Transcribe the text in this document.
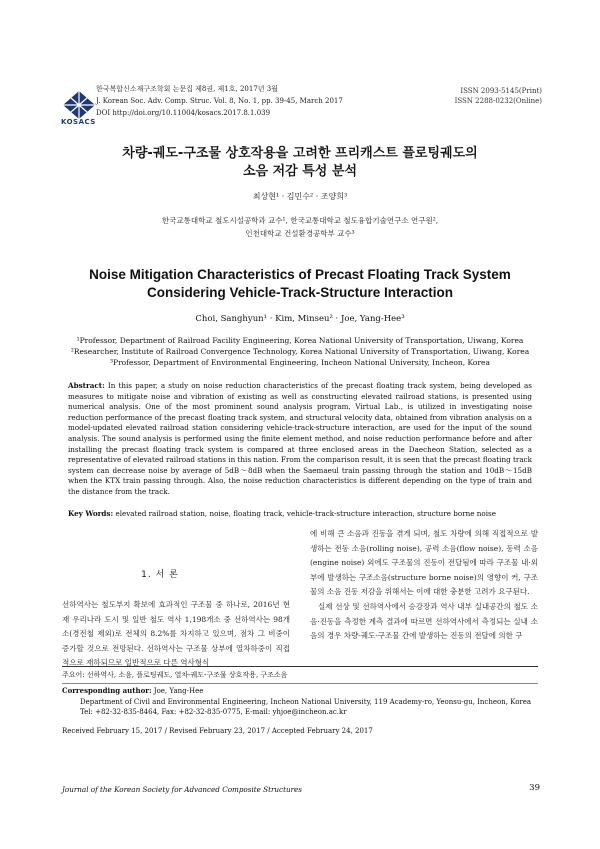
KOSACS
한국복합신소재구조학회 논문집 제8권, 제1호, 2017년 3월
J. Korean Soc. Adv. Comp. Struc. Vol. 8, No. 1, pp. 39-45, March 2017
DOI http://doi.org/10.11004/kosacs.2017.8.1.039
ISSN 2093-5145(Print)
ISSN 2288-0232(Online)
차량-궤도-구조물 상호작용을 고려한 프리캐스트 플로팅궤도의
소음 저감 특성 분석
최상현¹ · 김민수² · 조양희³
한국교통대학교 철도시설공학과 교수¹, 한국교통대학교 철도융합기술연구소 연구원²,
인천대학교 건설환경공학부 교수³
Noise Mitigation Characteristics of Precast Floating Track System
Considering Vehicle-Track-Structure Interaction
Choi, Sanghyun¹ · Kim, Minseu² · Joe, Yang-Hee³
¹Professor, Department of Railroad Facility Engineering, Korea National University of Transportation, Uiwang, Korea
²Researcher, Institute of Railroad Convergence Technology, Korea National University of Transportation, Uiwang, Korea
³Professor, Department of Environmental Engineering, Incheon National University, Incheon, Korea
Abstract: In this paper, a study on noise reduction characteristics of the precast floating track system, being developed as measures to mitigate noise and vibration of existing as well as constructing elevated railroad stations, is presented using numerical analysis. One of the most prominent sound analysis program, Virtual Lab., is utilized in investigating noise reduction performance of the precast floating track system, and structural velocity data, obtained from vibration analysis on a model-updated elevated railroad station considering vehicle-track-structure interaction, are used for the input of the sound analysis. The sound analysis is performed using the finite element method, and noise reduction performance before and after installing the precast floating track system is compared at three enclosed areas in the Daecheon Station, selected as a representative of elevated railroad stations in this nation. From the comparison result, it is seen that the precast floating track system can decrease noise by average of 5dB～8dB when the Saemaeul train passing through the station and 10dB～15dB when the KTX train passing through. Also, the noise reduction characteristics is different depending on the type of train and the distance from the track.
Key Words: elevated railroad station, noise, floating track, vehicle-track-structure interaction, structure borne noise
1. 서 론

선하역사는 철도부지 확보에 효과적인 구조물 중 하나로, 2016년 현재 우리나라 도시 및 일반 철도 역사 1,198개소 중 선하역사는 98개소(경전철 제외)로 전체의 8.2%를 차지하고 있으며, 점차 그 비중이 증가할 것으로 전망된다. 선하역사는 구조물 상부에 열차하중이 직접적으로 재하되므로 일반적으로 다른 역사형식

에 비해 큰 소음과 진동을 겪게 되며, 철도 차량에 의해 직접적으로 발생하는 전동 소음(rolling noise), 공력 소음(flow noise), 동력 소음(engine noise) 외에도 구조물의 진동이 전달됨에 따라 구조물 내·외부에 발생하는 구조소음(structure borne noise)의 영향이 커, 구조물의 소음 진동 저감을 위해서는 이에 대한 충분한 고려가 요구된다.

실제 선상 및 선하역사에서 승강장과 역사 내부 실내공간의 철도 소음·진동을 측정한 계측 결과에 따르면 선하역사에서 측정되는 실내 소음의 경우 차량-궤도-구조물 간에 발생하는 진동의 전달에 의한 구

주요어: 선하역사, 소음, 플로팅궤도, 열차-궤도-구조물 상호작용, 구조소음
Corresponding author: Joe, Yang-Hee
Department of Civil and Environmental Engineering, Incheon National University, 119 Academy-ro, Yeonsu-gu, Incheon, Korea
Tel: +82-32-835-8464, Fax: +82-32-835-0775, E-mail: yhjoe@incheon.ac.kr
Received February 15, 2017 / Revised February 23, 2017 / Accepted February 24, 2017
Journal of the Korean Society for Advanced Composite Structures	39
